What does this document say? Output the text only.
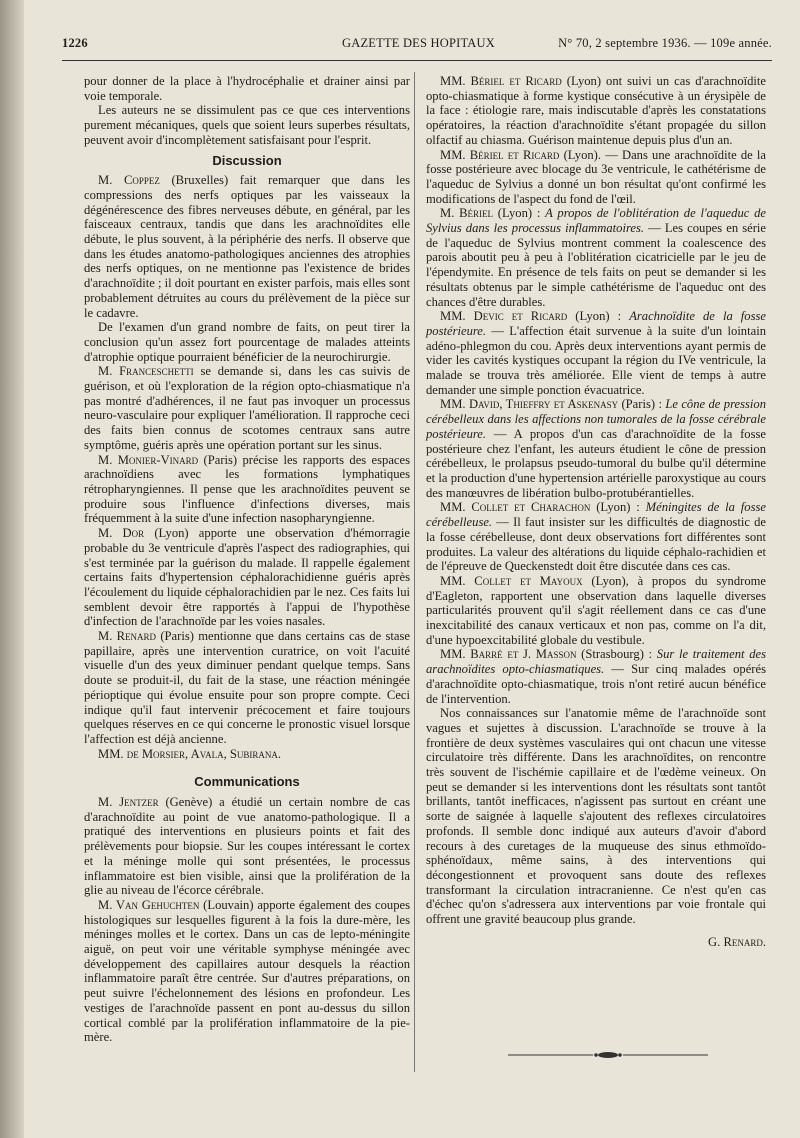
1226	GAZETTE DES HOPITAUX	N° 70, 2 septembre 1936. — 109e année.

pour donner de la place à l'hydrocéphalie et drainer ainsi par voie temporale.

Les auteurs ne se dissimulent pas ce que ces interventions purement mécaniques, quels que soient leurs superbes résultats, peuvent avoir d'incomplètement satisfaisant pour l'esprit.

Discussion

M. Coppez (Bruxelles) fait remarquer que dans les compressions des nerfs optiques par les vaisseaux la dégénérescence des fibres nerveuses débute, en général, par les faisceaux centraux, tandis que dans les arachnoïdites elle débute, le plus souvent, à la périphérie des nerfs. Il observe que dans les études anatomo-pathologiques anciennes des atrophies des nerfs optiques, on ne mentionne pas l'existence de brides d'arachnoïdite ; il doit pourtant en exister parfois, mais elles sont probablement détruites au cours du prélèvement de la pièce sur le cadavre.

De l'examen d'un grand nombre de faits, on peut tirer la conclusion qu'un assez fort pourcentage de malades atteints d'atrophie optique pourraient bénéficier de la neurochirurgie.

M. Franceschetti se demande si, dans les cas suivis de guérison, et où l'exploration de la région opto-chiasmatique n'a pas montré d'adhérences, il ne faut pas invoquer un processus neuro-vasculaire pour expliquer l'amélioration. Il rapproche ceci des faits bien connus de scotomes centraux sans autre symptôme, guéris après une opération portant sur les sinus.

M. Monier-Vinard (Paris) précise les rapports des espaces arachnoïdiens avec les formations lymphatiques rétropharyngiennes. Il pense que les arachnoïdites peuvent se produire sous l'influence d'infections diverses, mais fréquemment à la suite d'une infection nasopharyngienne.

M. Dor (Lyon) apporte une observation d'hémorragie probable du 3e ventricule d'après l'aspect des radiographies, qui s'est terminée par la guérison du malade. Il rappelle également certains faits d'hypertension céphalorachidienne guéris après l'écoulement du liquide céphalorachidien par le nez. Ces faits lui semblent devoir être rapportés à l'appui de l'hypothèse d'infection de l'arachnoïde par les voies nasales.

M. Renard (Paris) mentionne que dans certains cas de stase papillaire, après une intervention curatrice, on voit l'acuité visuelle d'un des yeux diminuer pendant quelque temps. Sans doute se produit-il, du fait de la stase, une réaction méningée périoptique qui évolue ensuite pour son propre compte. Ceci indique qu'il faut intervenir précocement et faire toujours quelques réserves en ce qui concerne le pronostic visuel lorsque l'affection est déjà ancienne.

MM. de Morsier, Avala, Subirana.

Communications

M. Jentzer (Genève) a étudié un certain nombre de cas d'arachnoïdite au point de vue anatomo-pathologique. Il a pratiqué des interventions en plusieurs points et fait des prélèvements pour biopsie. Sur les coupes intéressant le cortex et la méninge molle qui sont présentées, le processus inflammatoire est bien visible, ainsi que la prolifération de la glie au niveau de l'écorce cérébrale.

M. Van Gehuchten (Louvain) apporte également des coupes histologiques sur lesquelles figurent à la fois la dure-mère, les méninges molles et le cortex. Dans un cas de lepto-méningite aiguë, on peut voir une véritable symphyse méningée avec développement des capillaires autour desquels la réaction inflammatoire paraît être centrée. Sur d'autres préparations, on peut suivre l'échelonnement des lésions en profondeur. Les vestiges de l'arachnoïde passent en pont au-dessus du sillon cortical comblé par la prolifération inflammatoire de la pie-mère.

MM. Bériel et Ricard (Lyon) ont suivi un cas d'arachnoïdite opto-chiasmatique à forme kystique consécutive à un érysipèle de la face : étiologie rare, mais indiscutable d'après les constatations opératoires, la réaction d'arachnoïdite s'étant propagée du sillon olfactif au chiasma. Guérison maintenue depuis plus d'un an.

MM. Bériel et Ricard (Lyon). — Dans une arachnoïdite de la fosse postérieure avec blocage du 3e ventricule, le cathétérisme de l'aqueduc de Sylvius a donné un bon résultat qu'ont confirmé les modifications de l'aspect du fond de l'œil.

M. Bériel (Lyon) : A propos de l'oblitération de l'aqueduc de Sylvius dans les processus inflammatoires. — Les coupes en série de l'aqueduc de Sylvius montrent comment la coalescence des parois aboutit peu à peu à l'oblitération cicatricielle par le jeu de l'épendymite. En présence de tels faits on peut se demander si les résultats obtenus par le simple cathétérisme de l'aqueduc ont des chances d'être durables.

MM. Devic et Ricard (Lyon) : Arachnoïdite de la fosse postérieure. — L'affection était survenue à la suite d'un lointain adéno-phlegmon du cou. Après deux interventions ayant permis de vider les cavités kystiques occupant la région du IVe ventricule, la malade se trouva très améliorée. Elle vient de temps à autre demander une simple ponction évacuatrice.

MM. David, Thieffry et Askenasy (Paris) : Le cône de pression cérébelleux dans les affections non tumorales de la fosse cérébrale postérieure. — A propos d'un cas d'arachnoïdite de la fosse postérieure chez l'enfant, les auteurs étudient le cône de pression cérébelleux, le prolapsus pseudo-tumoral du bulbe qu'il détermine et la production d'une hypertension artérielle paroxystique au cours des manœuvres de libération bulbo-protubérantielles.

MM. Collet et Charachon (Lyon) : Méningites de la fosse cérébelleuse. — Il faut insister sur les difficultés de diagnostic de la fosse cérébelleuse, dont deux observations fort différentes sont produites. La valeur des altérations du liquide céphalo-rachidien et de l'épreuve de Queckenstedt doit être discutée dans ces cas.

MM. Collet et Mayoux (Lyon), à propos du syndrome d'Eagleton, rapportent une observation dans laquelle diverses particularités prouvent qu'il s'agit réellement dans ce cas d'une inexcitabilité des canaux verticaux et non pas, comme on l'a dit, d'une hypoexcitabilité globale du vestibule.

MM. Barré et J. Masson (Strasbourg) : Sur le traitement des arachnoïdites opto-chiasmatiques. — Sur cinq malades opérés d'arachnoïdite opto-chiasmatique, trois n'ont retiré aucun bénéfice de l'intervention.

Nos connaissances sur l'anatomie même de l'arachnoïde sont vagues et sujettes à discussion. L'arachnoïde se trouve à la frontière de deux systèmes vasculaires qui ont chacun une vitesse circulatoire très différente. Dans les arachnoïdites, on rencontre très souvent de l'ischémie capillaire et de l'œdème veineux. On peut se demander si les interventions dont les résultats sont tantôt brillants, tantôt inefficaces, n'agissent pas surtout en créant une sorte de saignée à laquelle s'ajoutent des reflexes circulatoires profonds. Il semble donc indiqué aux auteurs d'avoir d'abord recours à des curetages de la muqueuse des sinus ethmoïdo-sphénoïdaux, même sains, à des interventions qui décongestionnent et provoquent sans doute des reflexes transformant la circulation intracranienne. Ce n'est qu'en cas d'échec qu'on s'adressera aux interventions par voie frontale qui offrent une gravité beaucoup plus grande.

G. Renard.
